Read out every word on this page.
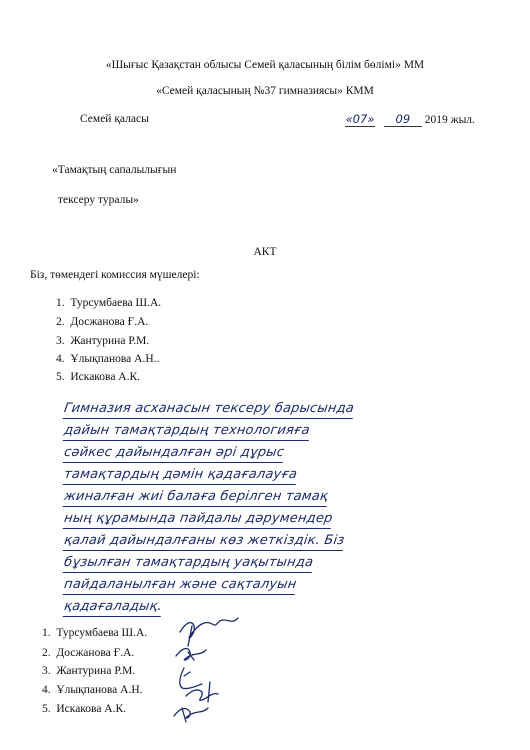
«Шығыс Қазақстан облысы Семей қаласының білім бөлімі» ММ
«Семей қаласының №37 гимназиясы» КММ
Семей қаласы	«07» 09 2019 жыл.
«Тамақтың сапалылығын
тексеру туралы»
АКТ
Біз, төмендегі комиссия мүшелері:
1. Турсумбаева Ш.А.
2. Досжанова Ғ.А.
3. Жантурина Р.М.
4. Ұлықпанова А.Н..
5. Искакова А.К.
Гимназия асханасын тексеру барысында
дайын тамақтардың технологияға
сәйкес дайындалған әрі дұрыс
тамақтардың дәмін қадағалауға
жиналған жиі балаға берілген тамақ
ның құрамында пайдалы дәрумендер
қалай дайындалғаны көз жеткіздік. Біз
бұзылған тамақтардың уақытында
пайдаланылған және сақталуын
қадағаладық.
1. Турсумбаева Ш.А.
2. Досжанова Ғ.А.
3. Жантурина Р.М.
4. Ұлықпанова А.Н.
5. Искакова А.К.
